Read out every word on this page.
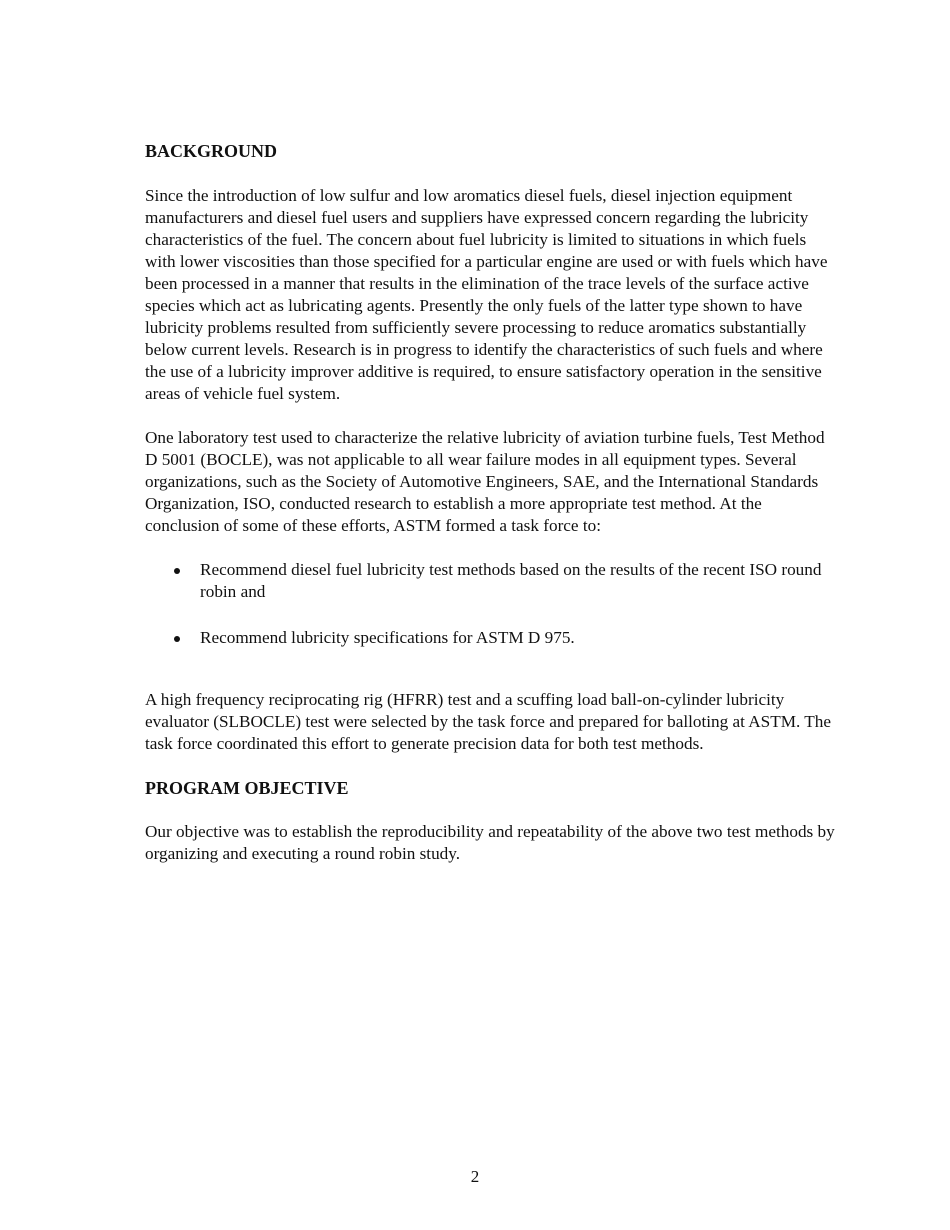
BACKGROUND

Since the introduction of low sulfur and low aromatics diesel fuels, diesel injection equipment manufacturers and diesel fuel users and suppliers have expressed concern regarding the lubricity characteristics of the fuel. The concern about fuel lubricity is limited to situations in which fuels with lower viscosities than those specified for a particular engine are used or with fuels which have been processed in a manner that results in the elimination of the trace levels of the surface active species which act as lubricating agents. Presently the only fuels of the latter type shown to have lubricity problems resulted from sufficiently severe processing to reduce aromatics substantially below current levels. Research is in progress to identify the characteristics of such fuels and where the use of a lubricity improver additive is required, to ensure satisfactory operation in the sensitive areas of vehicle fuel system.

One laboratory test used to characterize the relative lubricity of aviation turbine fuels, Test Method D 5001 (BOCLE), was not applicable to all wear failure modes in all equipment types. Several organizations, such as the Society of Automotive Engineers, SAE, and the International Standards Organization, ISO, conducted research to establish a more appropriate test method. At the conclusion of some of these efforts, ASTM formed a task force to:

Recommend diesel fuel lubricity test methods based on the results of the recent ISO round robin and
Recommend lubricity specifications for ASTM D 975.

A high frequency reciprocating rig (HFRR) test and a scuffing load ball-on-cylinder lubricity evaluator (SLBOCLE) test were selected by the task force and prepared for balloting at ASTM. The task force coordinated this effort to generate precision data for both test methods.

PROGRAM OBJECTIVE

Our objective was to establish the reproducibility and repeatability of the above two test methods by organizing and executing a round robin study.

2
